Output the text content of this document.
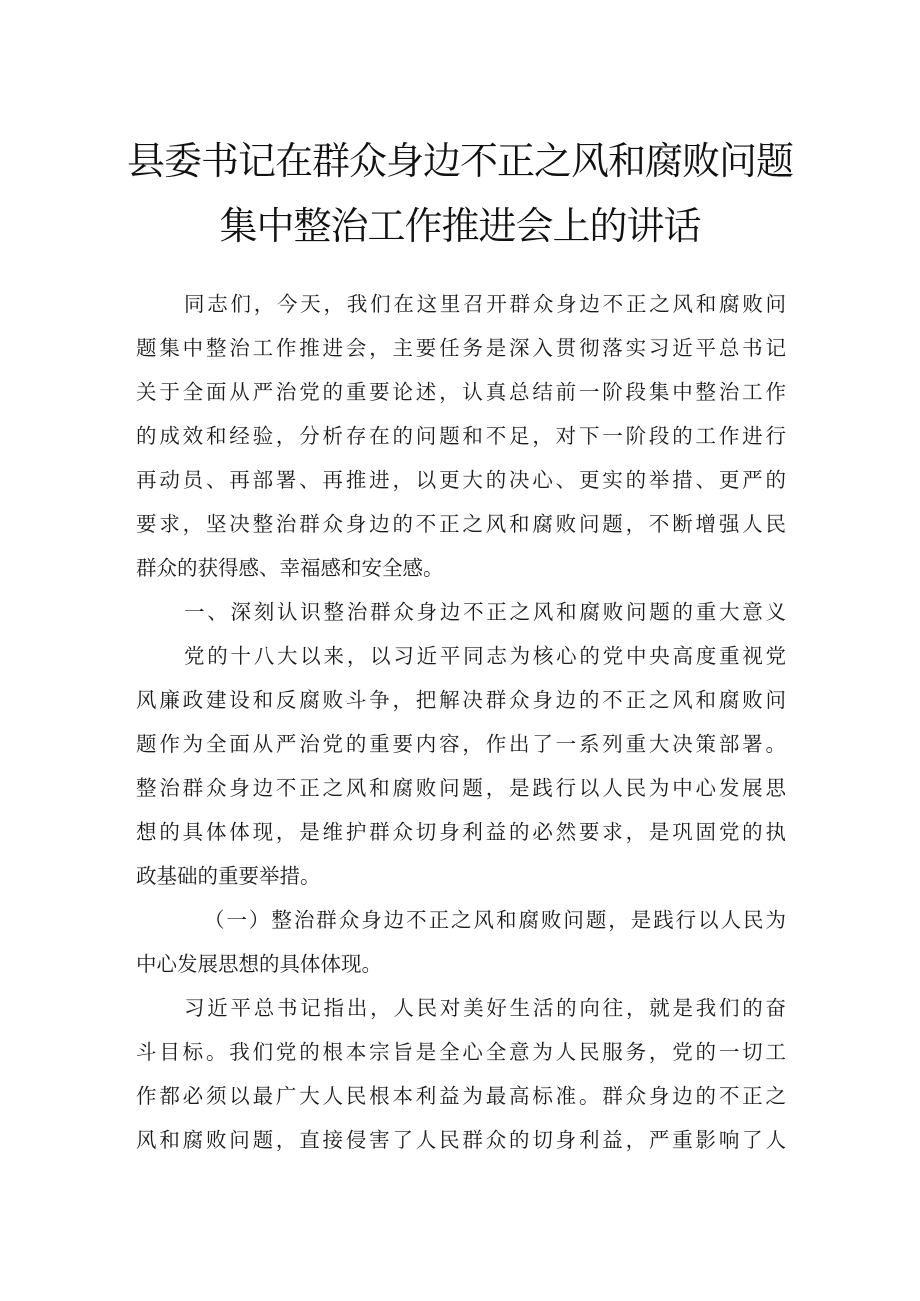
县委书记在群众身边不正之风和腐败问题
集中整治工作推进会上的讲话

同志们，今天，我们在这里召开群众身边不正之风和腐败问

题集中整治工作推进会，主要任务是深入贯彻落实习近平总书记

关于全面从严治党的重要论述，认真总结前一阶段集中整治工作

的成效和经验，分析存在的问题和不足，对下一阶段的工作进行

再动员、再部署、再推进，以更大的决心、更实的举措、更严的

要求，坚决整治群众身边的不正之风和腐败问题，不断增强人民

群众的获得感、幸福感和安全感。

一、深刻认识整治群众身边不正之风和腐败问题的重大意义

党的十八大以来，以习近平同志为核心的党中央高度重视党

风廉政建设和反腐败斗争，把解决群众身边的不正之风和腐败问

题作为全面从严治党的重要内容，作出了一系列重大决策部署。

整治群众身边不正之风和腐败问题，是践行以人民为中心发展思

想的具体体现，是维护群众切身利益的必然要求，是巩固党的执

政基础的重要举措。

（一）整治群众身边不正之风和腐败问题，是践行以人民为

中心发展思想的具体体现。

习近平总书记指出，人民对美好生活的向往，就是我们的奋

斗目标。我们党的根本宗旨是全心全意为人民服务，党的一切工

作都必须以最广大人民根本利益为最高标准。群众身边的不正之

风和腐败问题，直接侵害了人民群众的切身利益，严重影响了人
